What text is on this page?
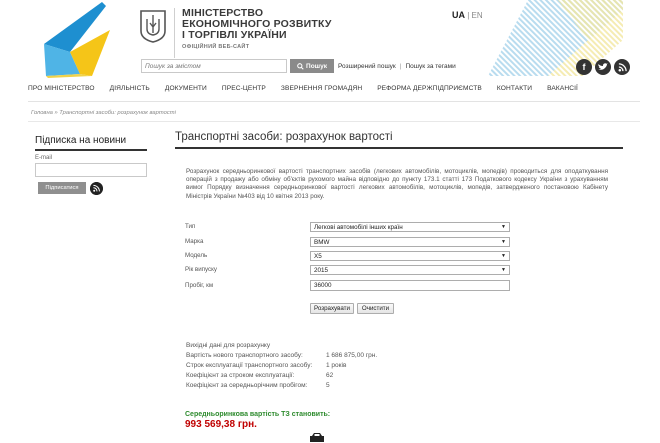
МІНІСТЕРСТВО
ЕКОНОМІЧНОГО РОЗВИТКУ
І ТОРГІВЛІ УКРАЇНИ
ОФІЦІЙНИЙ ВЕБ-САЙТ
UA | EN
Пошук за змістом
Пошук Розширений пошук | Пошук за тегами	f
ПРО МІНІСТЕРСТВО	ДІЯЛЬНІСТЬ	ДОКУМЕНТИ	ПРЕС-ЦЕНТР	ЗВЕРНЕННЯ ГРОМАДЯН	РЕФОРМА ДЕРЖПІДПРИЄМСТВ	КОНТАКТИ	ВАКАНСІЇ
Головна » Транспортні засоби: розрахунок вартості
Підписка на новини
E-mail
Підписатися
Транспортні засоби: розрахунок вартості
Розрахунок середньоринкової вартості транспортних засобів (легкових автомобілів, мотоциклів, мопедів) проводиться для оподаткування операцій з продажу або обміну об'єктів рухомого майна відповідно до пункту 173.1 статті 173 Податкового кодексу України з урахуванням вимог Порядку визначення середньоринкової вартості легкових автомобілів, мотоциклів, мопедів, затвердженого постановою Кабінету Міністрів України №403 від 10 квітня 2013 року.
Тип	Легкові автомобілі інших країн	▼
Марка	BMW	▼
Модель	X5	▼
Рік випуску	2015	▼
Пробіг, км	36000
Розрахувати	Очистити
Вихідні дані для розрахунку
Вартість нового транспортного засобу:	1 686 875,00 грн.
Строк експлуатації транспортного засобу: 1 років
Коефіцієнт за строком експлуатації:	62
Коефіцієнт за середньорічним пробігом:	5
Середньоринкова вартість ТЗ становить:
993 569,38 грн.
